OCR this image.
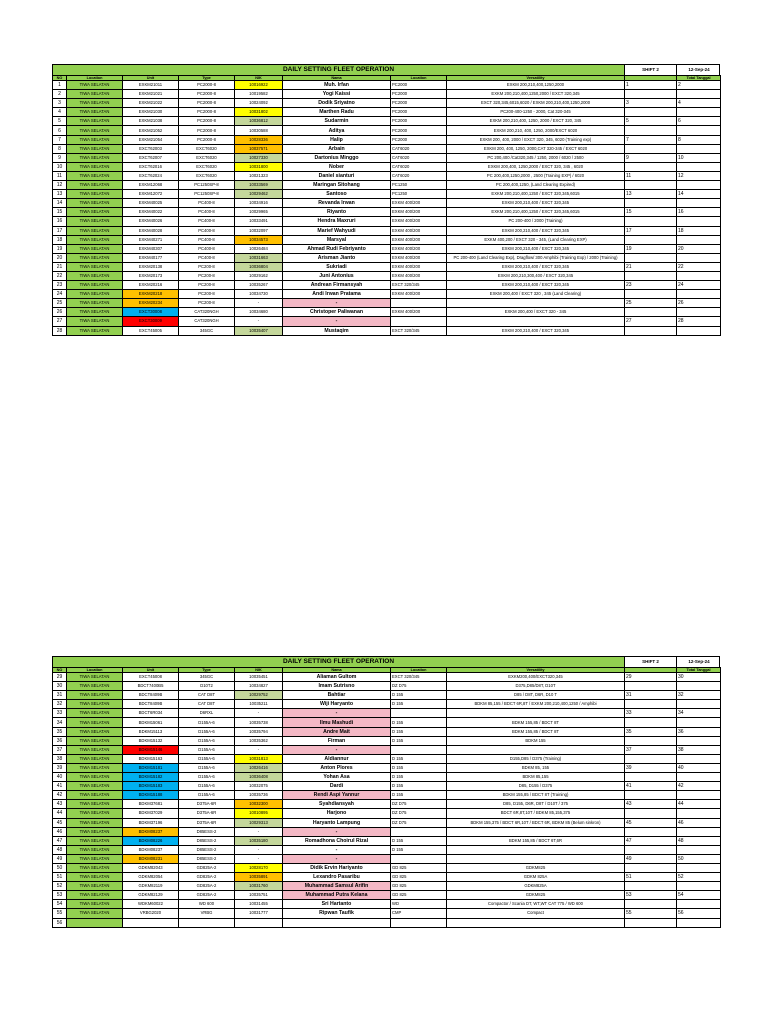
DAILY SETTING FLEET OPERATION	SHIFT 2	12-Sep-24
NO	Location	Unit	Type	NIK	Nama	Location	Versatility		Total Tanggal
1	TIWA SELATAN	EXKM21011	PC2000-8	10016922	Muh. Irfan	PC2000	EXKM 200,210,400,1250,2000	1	2
2	TIWA SELATAN	EXKM21021	PC2000-8	10019582	Yogi Kaissi	PC2000	EXKM 200,210,400,1250,2000 / EXCT 320,345		
3	TIWA SELATAN	EXKM21022	PC2000-8	10024092	Dodik Sriyatno	PC2000	EXCT 320,345,6015,6020 / EXKM 200,210,400,1250,2000	3	4
4	TIWA SELATAN	EXKM21030	PC2000-8	10031802	Marthen Radu	PC2000	PC200-400-1250 - 2000, Cat 320-345		
5	TIWA SELATAN	EXKM21038	PC2000-8	10036812	Sudarmin	PC2000	EXKM 200,210,400, 1250, 2000 / EXCT 320, 345	5	6
6	TIWA SELATAN	EXKM21052	PC2000-8	10030588	Aditya	PC2000	EXKM 200,210, 400, 1250, 2000/EXCT 6020		
7	TIWA SELATAN	EXKM21054	PC2000-8	10028336	Halip	PC2000	EXKM 200, 400, 2000 / EXCT 320, 345, 6020 (Training exp)	7	8
8	TIWA SELATAN	EXCT62003	EXCT6020	10037571	Arbain	CAT6020	EXKM 200, 400, 1250, 2000,CAT 320-345 / EXCT 6020		
9	TIWA SELATAN	EXCT62007	EXCT6020	10027330	Dartonius Minggo	CAT6020	PC 200,400 /Cat320,345 / 1250, 2000 / 6020 / 2500	9	10
10	TIWA SELATAN	EXCT62016	EXCT6020	10031800	Nober	CAT6020	EXKM 200,400, 1250,2000 / EXCT 320, 345 , 6020		
11	TIWA SELATAN	EXCT62024	EXCT6020	10021323	Daniel sianturi	CAT6020	PC 200,400,1250,2000 , 2500 (Training EXP) / 6020	11	12
12	TIWA SELATAN	EXKM12068	PC1250SP-8	10033569	Maringan Sitohang	PC1250	PC 200,400,1250, (Land Clearing Expired)		
13	TIWA SELATAN	EXKM12072	PC1250SP-8	10029462	Santoso	PC1250	EXKM 200,210,400,1250 / EXCT 320,345,6015	13	14
14	TIWA SELATAN	EXKM40025	PC400-8	10034916	Revanda Irwan	EXKM 400/200	EXKM 200,210,400 / EXCT 320,345		
15	TIWA SELATAN	EXKM40022	PC400-8	10029965	Riyanto	EXKM 400/200	EXKM 200,210,400,1250 / EXCT 320,345,6015	15	16
16	TIWA SELATAN	EXKM40026	PC400-8	10033491	Hendra Maxruri	EXKM 400/200	PC 200-400 / 2000 (Training)		
17	TIWA SELATAN	EXKM40028	PC400-8	10032097	Marief Wahyudi	EXKM 400/200	EXKM 200,210,400 / EXCT 320,345	17	18
18	TIWA SELATAN	EXKM40271	PC400-8	10034573	Marsyal	EXKM 400/200	EXKM 400,200 / EXCT 320 - 345, (Land Clearing EXP)		
19	TIWA SELATAN	EXKM40307	PC400-8	10026484	Ahmad Rudi Febriyanto	EXKM 400/200	EXKM 200,210,400 / EXCT 320,345	19	20
20	TIWA SELATAN	EXKM40177	PC400-8	10031663	Arisman Jianto	EXKM 400/200	PC 200-400 (Land Clearing Exp), Dragflow/ 300 Amphibi (Training Exp) / 2000 (Training)		
21	TIWA SELATAN	EXKM20138	PC200-8	10036804	Sukriadi	EXKM 400/200	EXKM 200,210,400 / EXCT 320,345	21	22
22	TIWA SELATAN	EXKM20173	PC200-8	10029162	Juni Antonius	EXKM 400/200	EXKM 200,210,300,400 / EXCT 320,345		
23	TIWA SELATAN	EXKM20216	PC200-8	10035267	Andrean Firmansyah	EXCT 320/345	EXKM 200,210,400 / EXCT 320,345	23	24
24	TIWA SELATAN	EXKM20218	PC200-8	10034730	Andi Irwan Pratama	EXKM 400/200	EXKM 200,400 / EXCT 320 , 345 (Land Clearing)		
25	TIWA SELATAN	EXKM20234	PC200-8	-	-			25	26
26	TIWA SELATAN	EXCT30008	CAT320NGH	10034680	Christoper Paliwanan	EXKM 400/200	EXKM 200,400 / EXCT 320 - 345		
27	TIWA SELATAN	EXCT30009	CAT320NGH	-	-			27	28
28	TIWA SELATAN	EXCT45005	345GC	10035407	Mustaqim	EXCT 320/345	EXKM 200,210,400 / EXCT 320,345		
DAILY SETTING FLEET OPERATION	SHIFT 2	12-Sep-24
NO	Location	Unit	Type	NIK	Nama	Location	Versatility		Total Tanggal
29	TIWA SELATAN	EXCT45008	345GC	10035451	Aliaman Gultom	EXCT 320/345	EXKM200,400/EXCT320,345	29	30
30	TIWA SELATAN	BDCT7400B5	D10T2	10034827	Imam Sutrisno	DZ D75	D375,D85/D8T, D10T		
31	TIWA SELATAN	BDCT8409B	CAT D8T	10029752	Bahtiar	D 155	D85 / D8T, D6R, D10 T	31	32
32	TIWA SELATAN	BDCT8409B	CAT D8T	10035211	Wiji Haryanto	D 155	BDKM 85,155 / BDCT 6R,8T / EXKM 200,210,400,1250 / Amphibi		
33	TIWA SELATAN	BDCT6R034	D6RXL	-	-			33	34
34	TIWA SELATAN	BDKM15061	D155A-6	10035738	Ilmu Mashudi	D 155	BDKM 155,85 / BDCT 8T		
35	TIWA SELATAN	BDKM15113	D155A-6	10035794	Andre Mait	D 155	BDKM 155,85 / BDCT 8T	35	36
36	TIWA SELATAN	BDKM15132	D155A-6	10035362	Firman	D 155	BDKM 155		
37	TIWA SELATAN	BDKM15146	D155A-6	-	-			37	38
38	TIWA SELATAN	BDKM15163	D155A-6	10031813	Aldiannur	D 155	D155,D85 / D375 (Training)		
39	TIWA SELATAN	BDKM15181	D155A-6	10026416	Anton Plores	D 155	BDKM 85, 155	39	40
40	TIWA SELATAN	BDKM15182	D155A-6	10036408	Yohan Asa	D 155	BDKM 85,155		
41	TIWA SELATAN	BDKM15183	D155A-6	10032075	Dardi	D 155	D85, D155 / D375	41	42
42	TIWA SELATAN	BDKM15188	D155A-6	10035736	Rendi Aspi Yannur	D 155	BDKM 155,85 / BDCT 8T (Training)		
43	TIWA SELATAN	BDKM37681	D375A-6R	10032300	Syahdiansyah	DZ D75	D85, D155, D6R, D8T / D10T / 375	43	44
44	TIWA SELATAN	BDKM37029	D375A-6R	10010895	Harjono	DZ D75	BDCT 6R,8T,10T / BDKM 85,155,375		
45	TIWA SELATAN	BDKM37196	D375A-6R	10029313	Haryanto Lampung	DZ D75	BDKM 155,375 / BDCT 6R,10T / BDCT 6R, BDKM 85 (Belum sinkron)	45	46
46	TIWA SELATAN	BDKM08237	D85ESS-2	-	-				
47	TIWA SELATAN	BDKM08226	D85ESS-2	10035180	Romadhona Choirul Rizal	D 155	BDKM 155,85 / BDCT 6T,6R	47	48
48	TIWA SELATAN	BDKM08237	D85ESS-2	-	-	D 155			
49	TIWA SELATAN	BDKM08231	D85ESS-2	-	-			49	50
50	TIWA SELATAN	GDKM82043	GD825A-2	10028170	Didik Ervin Hariyanto	GD 825	GDKM825		
51	TIWA SELATAN	GDKM82054	GD825A-2	10035891	Lexandro Pasaribu	GD 825	GDKM 825A	51	52
52	TIWA SELATAN	GDKM82119	GD825A-2	10031760	Muhammad Samsul Arifin	GD 825	GDKM825A		
53	TIWA SELATAN	GDKM82129	GD825A-2	10035751	Muhammad Putra Kelana	GD 825	GDKM825	53	54
54	TIWA SELATAN	WDKM60022	WD 600	10031455	Sri Hartanto	WD	Compactor / Scania DT, WT,WT CAT 775 / WD 600		
55	TIWA SELATAN	VRBG2020	VRBG	10031777	Ripwan Taufik	CMP	Compact	55	56
56									
